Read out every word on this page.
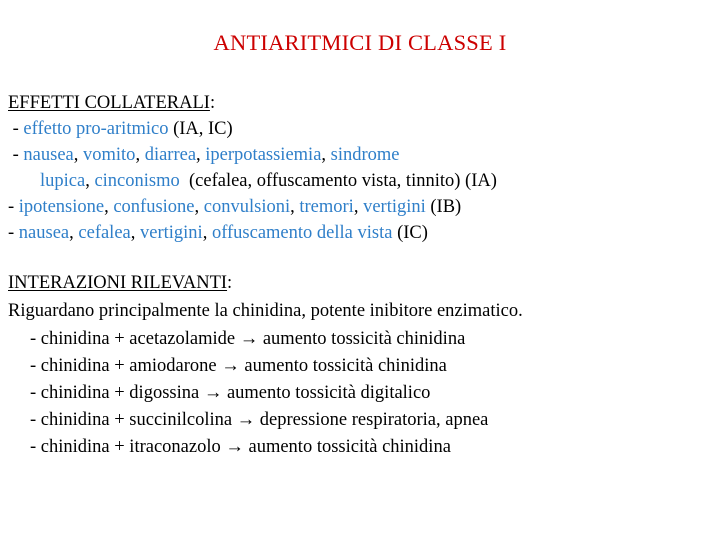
ANTIARITMICI DI CLASSE I
EFFETTI COLLATERALI:
- effetto pro-aritmico (IA, IC)
- nausea, vomito, diarrea, iperpotassiemia, sindrome
lupica, cinconismo  (cefalea, offuscamento vista, tinnito) (IA)
- ipotensione, confusione, convulsioni, tremori, vertigini (IB)
- nausea, cefalea, vertigini, offuscamento della vista (IC)
INTERAZIONI RILEVANTI:
Riguardano principalmente la chinidina, potente inibitore enzimatico.
- chinidina + acetazolamide → aumento tossicità chinidina
- chinidina + amiodarone → aumento tossicità chinidina
- chinidina + digossina → aumento tossicità digitalico
- chinidina + succinilcolina → depressione respiratoria, apnea
- chinidina + itraconazolo → aumento tossicità chinidina
